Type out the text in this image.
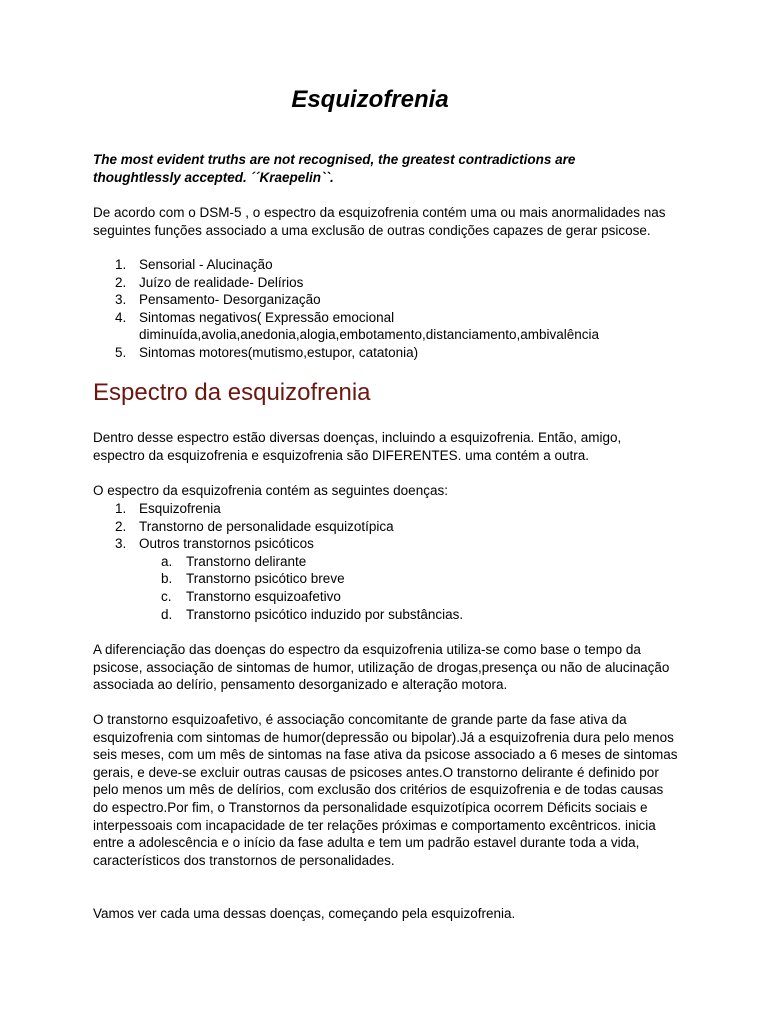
Esquizofrenia

The most evident truths are not recognised, the greatest contradictions are thoughtlessly accepted. ´´Kraepelin``.

De acordo com o DSM-5 , o espectro da esquizofrenia contém uma ou mais anormalidades nas seguintes funções associado a uma exclusão de outras condições capazes de gerar psicose.

1. Sensorial - Alucinação
2. Juízo de realidade- Delírios
3. Pensamento- Desorganização
4. Sintomas negativos( Expressão emocional diminuída,avolia,anedonia,alogia,embotamento,distanciamento,ambivalência
5. Sintomas motores(mutismo,estupor, catatonia)
Espectro da esquizofrenia

Dentro desse espectro estão diversas doenças, incluindo a esquizofrenia. Então, amigo, espectro da esquizofrenia e esquizofrenia são DIFERENTES. uma contém a outra.

O espectro da esquizofrenia contém as seguintes doenças:

1. Esquizofrenia
2. Transtorno de personalidade esquizotípica
3. Outros transtornos psicóticos
a. Transtorno delirante
b. Transtorno psicótico breve
c. Transtorno esquizoafetivo
d. Transtorno psicótico induzido por substâncias.

A diferenciação das doenças do espectro da esquizofrenia utiliza-se como base o tempo da psicose, associação de sintomas de humor, utilização de drogas,presença ou não de alucinação associada ao delírio, pensamento desorganizado e alteração motora.

O transtorno esquizoafetivo, é associação concomitante de grande parte da fase ativa da esquizofrenia com sintomas de humor(depressão ou bipolar).Já a esquizofrenia dura pelo menos seis meses, com um mês de sintomas na fase ativa da psicose associado a 6 meses de sintomas gerais, e deve-se excluir outras causas de psicoses antes.O transtorno delirante é definido por pelo menos um mês de delírios, com exclusão dos critérios de esquizofrenia e de todas causas do espectro.Por fim, o Transtornos da personalidade esquizotípica ocorrem Déficits sociais e interpessoais com incapacidade de ter relações próximas e comportamento excêntricos. inicia entre a adolescência e o início da fase adulta e tem um padrão estavel durante toda a vida, característicos dos transtornos de personalidades.

Vamos ver cada uma dessas doenças, começando pela esquizofrenia.
